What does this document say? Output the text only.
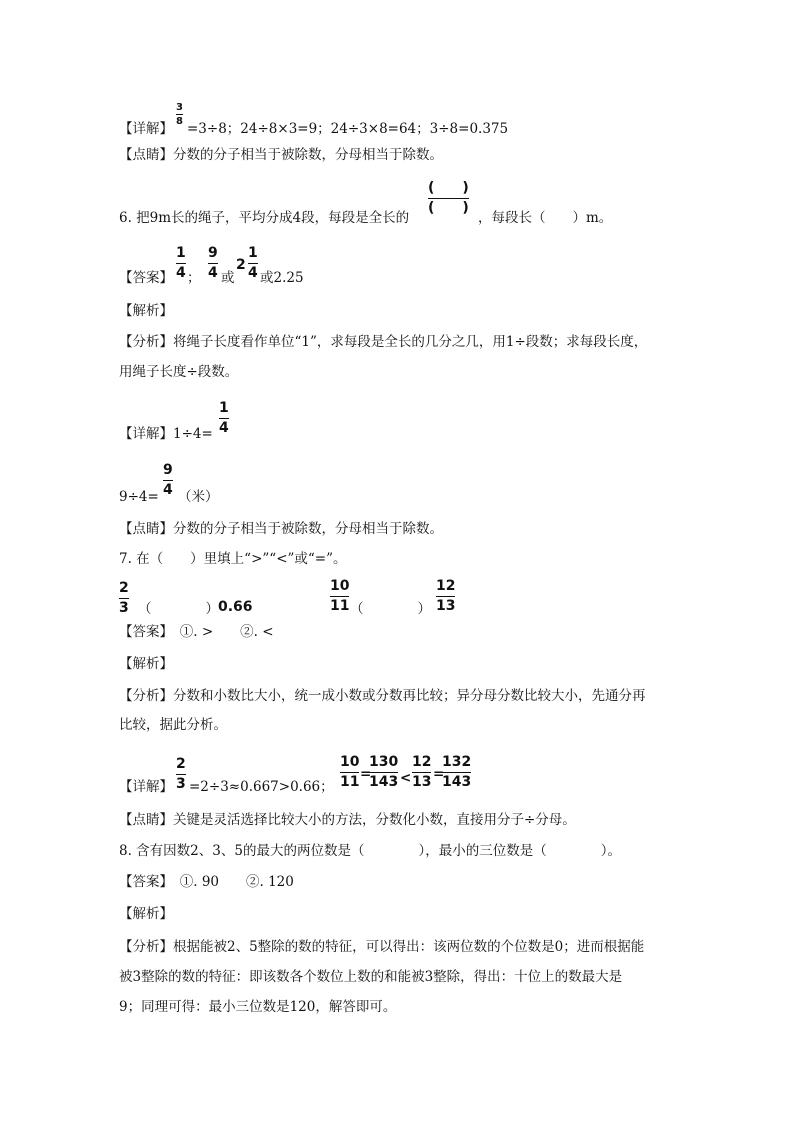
【详解】
3
8 =3÷8；24÷8×3=9；24÷3×8=64；3÷8=0.375
【点睛】分数的分子相当于被除数，分母相当于除数。
6. 把9m长的绳子，平均分成4段，每段是全长的
(　　)
(　　)
，每段长（　　）m。
【答案】
1
4 ；
9
4 或
2
1
4 或2.25
【解析】
【分析】将绳子长度看作单位“1”，求每段是全长的几分之几，用1÷段数；求每段长度，
用绳子长度÷段数。
【详解】1÷4=
1
4
9÷4=
9
4 （米）
【点睛】分数的分子相当于被除数，分母相当于除数。
7. 在（　　）里填上“>”“<”或“=”。
2
3 （　　　　） 0.66
10
11 （　　　　）
12
13
【答案】　 ①. >　　②. <
【解析】
【分析】分数和小数比大小，统一成小数或分数再比较；异分母分数比较大小，先通分再
比较，据此分析。
【详解】
2
3 =2÷3≈0.667>0.66；
10
11 =
130
143 <
12
13 =
132
143
【点睛】关键是灵活选择比较大小的方法，分数化小数，直接用分子÷分母。
8. 含有因数2、3、5的最大的两位数是（　　　　），最小的三位数是（　　　　）。
【答案】　 ①. 90　　②. 120
【解析】
【分析】根据能被2、5整除的数的特征，可以得出：该两位数的个位数是0；进而根据能
被3整除的数的特征：即该数各个数位上数的和能被3整除，得出：十位上的数最大是
9；同理可得：最小三位数是120，解答即可。
